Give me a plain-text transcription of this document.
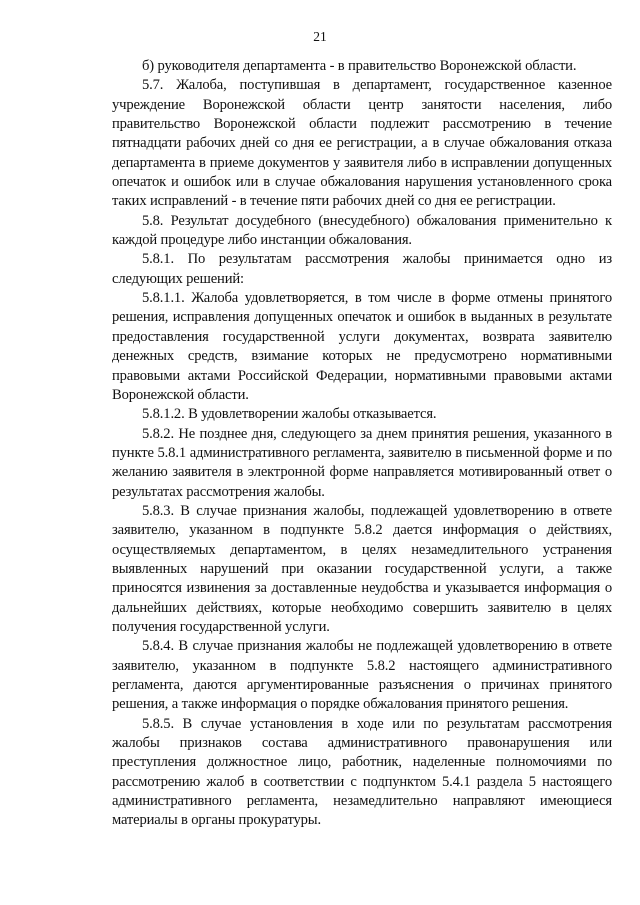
21

б) руководителя департамента - в правительство Воронежской области.

5.7. Жалоба, поступившая в департамент, государственное казенное учреждение Воронежской области центр занятости населения, либо правительство Воронежской области подлежит рассмотрению в течение пятнадцати рабочих дней со дня ее регистрации, а в случае обжалования отказа департамента в приеме документов у заявителя либо в исправлении допущенных опечаток и ошибок или в случае обжалования нарушения установленного срока таких исправлений - в течение пяти рабочих дней со дня ее регистрации.

5.8. Результат досудебного (внесудебного) обжалования применительно к каждой процедуре либо инстанции обжалования.

5.8.1. По результатам рассмотрения жалобы принимается одно из следующих решений:

5.8.1.1. Жалоба удовлетворяется, в том числе в форме отмены принятого решения, исправления допущенных опечаток и ошибок в выданных в результате предоставления государственной услуги документах, возврата заявителю денежных средств, взимание которых не предусмотрено нормативными правовыми актами Российской Федерации, нормативными правовыми актами Воронежской области.

5.8.1.2. В удовлетворении жалобы отказывается.

5.8.2. Не позднее дня, следующего за днем принятия решения, указанного в пункте 5.8.1 административного регламента, заявителю в письменной форме и по желанию заявителя в электронной форме направляется мотивированный ответ о результатах рассмотрения жалобы.

5.8.3. В случае признания жалобы, подлежащей удовлетворению в ответе заявителю, указанном в подпункте 5.8.2 дается информация о действиях, осуществляемых департаментом, в целях незамедлительного устранения выявленных нарушений при оказании государственной услуги, а также приносятся извинения за доставленные неудобства и указывается информация о дальнейших действиях, которые необходимо совершить заявителю в целях получения государственной услуги.

5.8.4. В случае признания жалобы не подлежащей удовлетворению в ответе заявителю, указанном в подпункте 5.8.2 настоящего административного регламента, даются аргументированные разъяснения о причинах принятого решения, а также информация о порядке обжалования принятого решения.

5.8.5. В случае установления в ходе или по результатам рассмотрения жалобы признаков состава административного правонарушения или преступления должностное лицо, работник, наделенные полномочиями по рассмотрению жалоб в соответствии с подпунктом 5.4.1 раздела 5 настоящего административного регламента, незамедлительно направляют имеющиеся материалы в органы прокуратуры.
